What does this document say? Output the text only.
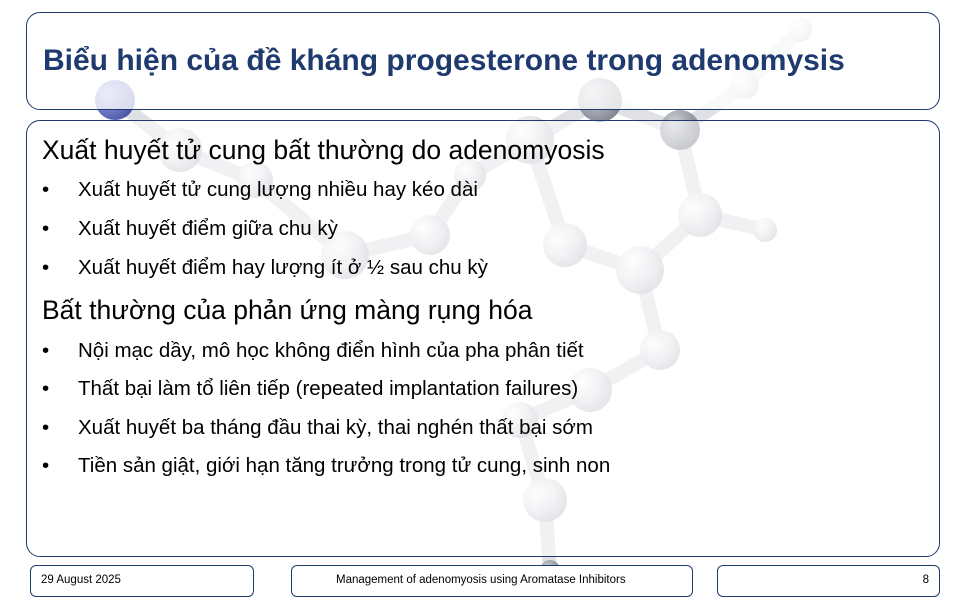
Biểu hiện của đề kháng progesterone trong adenomysis
Xuất huyết tử cung bất thường do adenomyosis
• Xuất huyết tử cung lượng nhiều hay kéo dài
• Xuất huyết điểm giữa chu kỳ
• Xuất huyết điểm hay lượng ít ở ½ sau chu kỳ
Bất thường của phản ứng màng rụng hóa
• Nội mạc dầy, mô học không điển hình của pha phân tiết
• Thất bại làm tổ liên tiếp (repeated implantation failures)
• Xuất huyết ba tháng đầu thai kỳ, thai nghén thất bại sớm
• Tiền sản giật, giới hạn tăng trưởng trong tử cung, sinh non
29 August 2025	Management of adenomyosis using Aromatase Inhibitors	8
